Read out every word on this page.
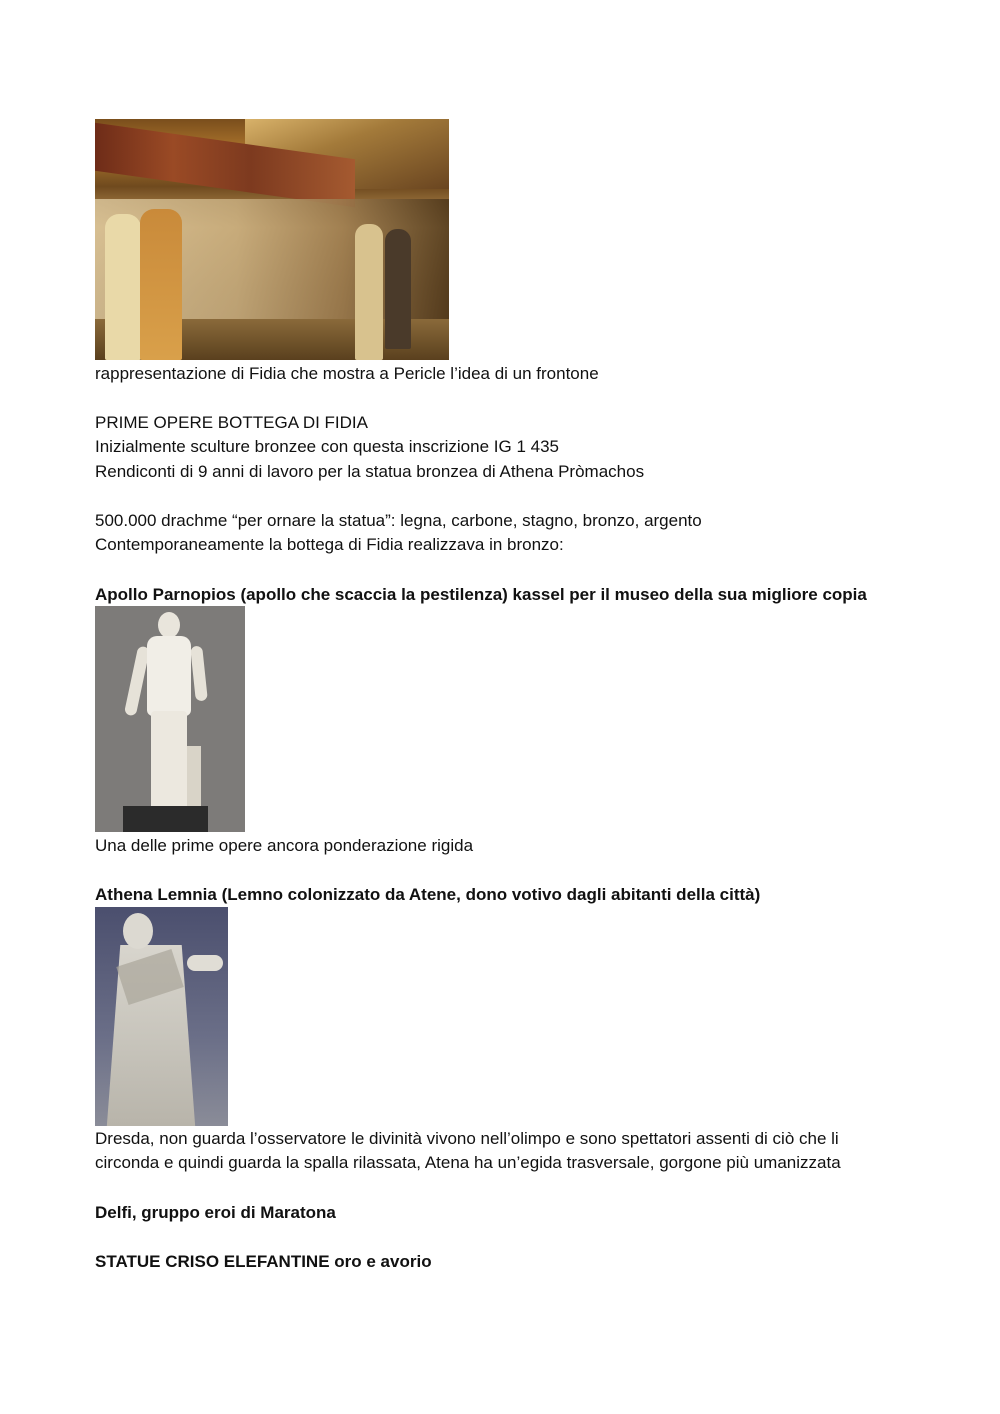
rappresentazione di Fidia che mostra a Pericle l’idea di un frontone
PRIME OPERE BOTTEGA DI FIDIA
Inizialmente sculture bronzee con questa inscrizione IG 1 435
Rendiconti di 9 anni di lavoro per la statua bronzea di Athena Pròmachos
500.000 drachme “per ornare la statua”: legna, carbone, stagno, bronzo, argento
Contemporaneamente la bottega di Fidia realizzava in bronzo:
Apollo Parnopios (apollo che scaccia la pestilenza) kassel per il museo della sua migliore copia
Una delle prime opere ancora ponderazione rigida
Athena Lemnia (Lemno colonizzato da Atene, dono votivo dagli abitanti della città)
Dresda, non guarda l’osservatore le divinità vivono nell’olimpo e sono spettatori assenti di ciò che li
circonda e quindi guarda la spalla rilassata, Atena ha un’egida trasversale, gorgone più umanizzata
Delfi, gruppo eroi di Maratona
STATUE CRISO ELEFANTINE oro e avorio
